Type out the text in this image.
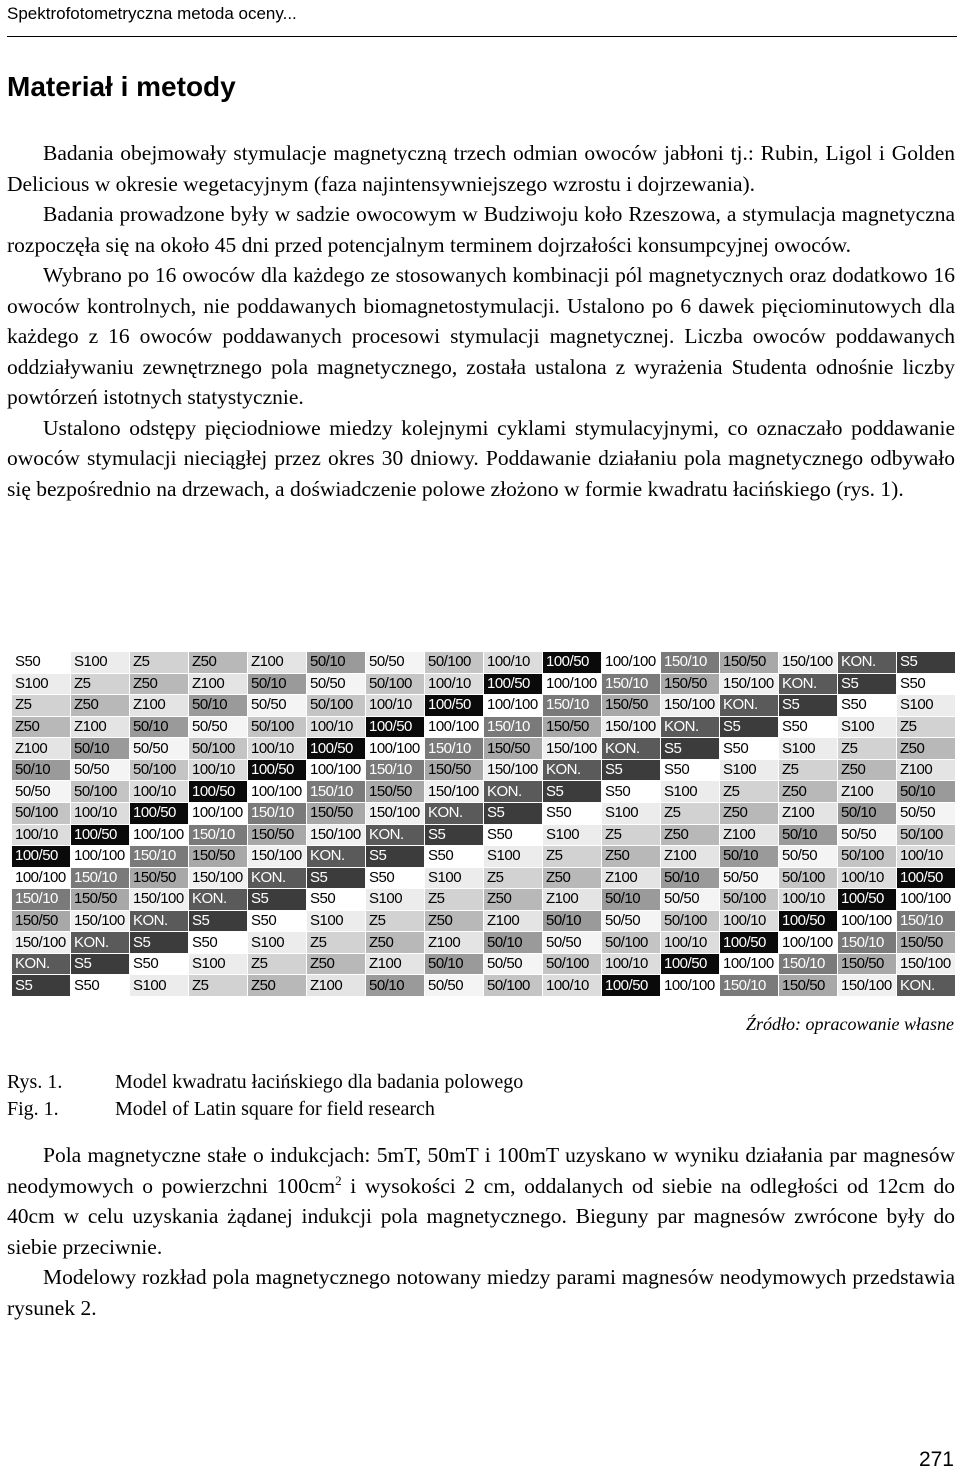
Spektrofotometryczna metoda oceny...
Materiał i metody

Badania obejmowały stymulacje magnetyczną trzech odmian owoców jabłoni tj.: Rubin, Ligol i Golden Delicious w okresie wegetacyjnym (faza najintensywniejszego wzrostu i dojrzewania).

Badania prowadzone były w sadzie owocowym w Budziwoju koło Rzeszowa, a stymulacja magnetyczna rozpoczęła się na około 45 dni przed potencjalnym terminem dojrzałości konsumpcyjnej owoców.

Wybrano po 16 owoców dla każdego ze stosowanych kombinacji pól magnetycznych oraz dodatkowo 16 owoców kontrolnych, nie poddawanych biomagnetostymulacji. Ustalono po 6 dawek pięciominutowych dla każdego z 16 owoców poddawanych procesowi stymulacji magnetycznej. Liczba owoców poddawanych oddziaływaniu zewnętrznego pola magnetycznego, została ustalona z wyrażenia Studenta odnośnie liczby powtórzeń istotnych statystycznie.

Ustalono odstępy pięciodniowe miedzy kolejnymi cyklami stymulacyjnymi, co oznaczało poddawanie owoców stymulacji nieciągłej przez okres 30 dniowy. Poddawanie działaniu pola magnetycznego odbywało się bezpośrednio na drzewach, a doświadczenie polowe złożono w formie kwadratu łacińskiego (rys. 1).

S50	S100	Z5	Z50	Z100	50/10	50/50	50/100	100/10	100/50	100/100	150/10	150/50	150/100	KON.	S5
S100	Z5	Z50	Z100	50/10	50/50	50/100	100/10	100/50	100/100	150/10	150/50	150/100	KON.	S5	S50
Z5	Z50	Z100	50/10	50/50	50/100	100/10	100/50	100/100	150/10	150/50	150/100	KON.	S5	S50	S100
Z50	Z100	50/10	50/50	50/100	100/10	100/50	100/100	150/10	150/50	150/100	KON.	S5	S50	S100	Z5
Z100	50/10	50/50	50/100	100/10	100/50	100/100	150/10	150/50	150/100	KON.	S5	S50	S100	Z5	Z50
50/10	50/50	50/100	100/10	100/50	100/100	150/10	150/50	150/100	KON.	S5	S50	S100	Z5	Z50	Z100
50/50	50/100	100/10	100/50	100/100	150/10	150/50	150/100	KON.	S5	S50	S100	Z5	Z50	Z100	50/10
50/100	100/10	100/50	100/100	150/10	150/50	150/100	KON.	S5	S50	S100	Z5	Z50	Z100	50/10	50/50
100/10	100/50	100/100	150/10	150/50	150/100	KON.	S5	S50	S100	Z5	Z50	Z100	50/10	50/50	50/100
100/50	100/100	150/10	150/50	150/100	KON.	S5	S50	S100	Z5	Z50	Z100	50/10	50/50	50/100	100/10
100/100	150/10	150/50	150/100	KON.	S5	S50	S100	Z5	Z50	Z100	50/10	50/50	50/100	100/10	100/50
150/10	150/50	150/100	KON.	S5	S50	S100	Z5	Z50	Z100	50/10	50/50	50/100	100/10	100/50	100/100
150/50	150/100	KON.	S5	S50	S100	Z5	Z50	Z100	50/10	50/50	50/100	100/10	100/50	100/100	150/10
150/100	KON.	S5	S50	S100	Z5	Z50	Z100	50/10	50/50	50/100	100/10	100/50	100/100	150/10	150/50
KON.	S5	S50	S100	Z5	Z50	Z100	50/10	50/50	50/100	100/10	100/50	100/100	150/10	150/50	150/100
S5	S50	S100	Z5	Z50	Z100	50/10	50/50	50/100	100/10	100/50	100/100	150/10	150/50	150/100	KON.
Źródło: opracowanie własne
Rys. 1.	Model kwadratu łacińskiego dla badania polowego
Fig. 1.	Model of Latin square for field research

Pola magnetyczne stałe o indukcjach: 5mT, 50mT i 100mT uzyskano w wyniku działania par magnesów neodymowych o powierzchni $100cm^2$ i wysokości 2 cm, oddalanych od siebie na odległości od 12cm do 40cm w celu uzyskania żądanej indukcji pola magnetycznego. Bieguny par magnesów zwrócone były do siebie przeciwnie.

Modelowy rozkład pola magnetycznego notowany miedzy parami magnesów neodymowych przedstawia rysunek 2.

271
